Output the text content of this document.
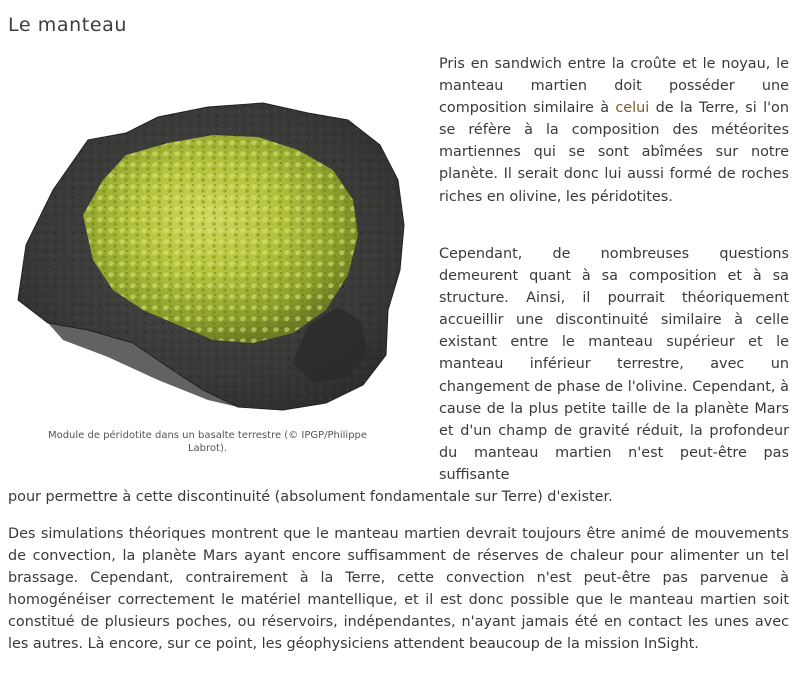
Le manteau
Module de péridotite dans un basalte terrestre (© IPGP/Philippe Labrot).

Pris en sandwich entre la croûte et le noyau, le manteau martien doit posséder une composition similaire à celui de la Terre, si l'on se réfère à la composition des météorites martiennes qui se sont abîmées sur notre planète. Il serait donc lui aussi formé de roches riches en olivine, les péridotites.

Cependant, de nombreuses questions demeurent quant à sa composition et à sa structure. Ainsi, il pourrait théoriquement accueillir une discontinuité similaire à celle existant entre le manteau supérieur et le manteau inférieur terrestre, avec un changement de phase de l'olivine. Cependant, à cause de la plus petite taille de la planète Mars et d'un champ de gravité réduit, la profondeur du manteau martien n'est peut-être pas suffisante

pour permettre à cette discontinuité (absolument fondamentale sur Terre) d'exister.

Des simulations théoriques montrent que le manteau martien devrait toujours être animé de mouvements de convection, la planète Mars ayant encore suffisamment de réserves de chaleur pour alimenter un tel brassage. Cependant, contrairement à la Terre, cette convection n'est peut-être pas parvenue à homogénéiser correctement le matériel mantellique, et il est donc possible que le manteau martien soit constitué de plusieurs poches, ou réservoirs, indépendantes, n'ayant jamais été en contact les unes avec les autres. Là encore, sur ce point, les géophysiciens attendent beaucoup de la mission InSight.
